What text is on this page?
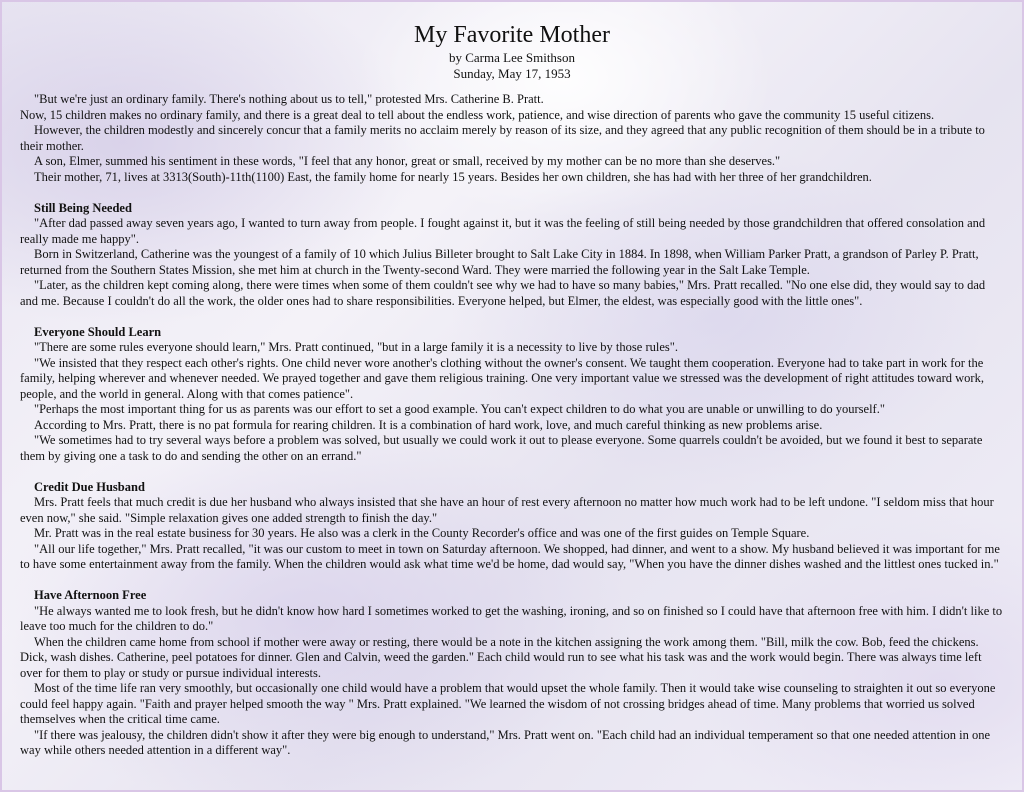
My Favorite Mother

by Carma Lee Smithson

Sunday, May 17, 1953

"But we're just an ordinary family. There's nothing about us to tell," protested Mrs. Catherine B. Pratt.

Now, 15 children makes no ordinary family, and there is a great deal to tell about the endless work, patience, and wise direction of parents who gave the community 15 useful citizens.

However, the children modestly and sincerely concur that a family merits no acclaim merely by reason of its size, and they agreed that any public recognition of them should be in a tribute to their mother.

A son, Elmer, summed his sentiment in these words, "I feel that any honor, great or small, received by my mother can be no more than she deserves."

Their mother, 71, lives at 3313(South)-11th(1100) East, the family home for nearly 15 years. Besides her own children, she has had with her three of her grandchildren.

Still Being Needed

"After dad passed away seven years ago, I wanted to turn away from people. I fought against it, but it was the feeling of still being needed by those grandchildren that offered consolation and really made me happy".

Born in Switzerland, Catherine was the youngest of a family of 10 which Julius Billeter brought to Salt Lake City in 1884. In 1898, when William Parker Pratt, a grandson of Parley P. Pratt, returned from the Southern States Mission, she met him at church in the Twenty-second Ward. They were married the following year in the Salt Lake Temple.

"Later, as the children kept coming along, there were times when some of them couldn't see why we had to have so many babies," Mrs. Pratt recalled. "No one else did, they would say to dad and me. Because I couldn't do all the work, the older ones had to share responsibilities. Everyone helped, but Elmer, the eldest, was especially good with the little ones".

Everyone Should Learn

"There are some rules everyone should learn," Mrs. Pratt continued, "but in a large family it is a necessity to live by those rules".

"We insisted that they respect each other's rights. One child never wore another's clothing without the owner's consent. We taught them cooperation. Everyone had to take part in work for the family, helping wherever and whenever needed. We prayed together and gave them religious training. One very important value we stressed was the development of right attitudes toward work, people, and the world in general. Along with that comes patience".

"Perhaps the most important thing for us as parents was our effort to set a good example. You can't expect children to do what you are unable or unwilling to do yourself."

According to Mrs. Pratt, there is no pat formula for rearing children. It is a combination of hard work, love, and much careful thinking as new problems arise.

"We sometimes had to try several ways before a problem was solved, but usually we could work it out to please everyone. Some quarrels couldn't be avoided, but we found it best to separate them by giving one a task to do and sending the other on an errand."

Credit Due Husband

Mrs. Pratt feels that much credit is due her husband who always insisted that she have an hour of rest every afternoon no matter how much work had to be left undone. "I seldom miss that hour even now," she said. "Simple relaxation gives one added strength to finish the day."

Mr. Pratt was in the real estate business for 30 years. He also was a clerk in the County Recorder's office and was one of the first guides on Temple Square.

"All our life together," Mrs. Pratt recalled, "it was our custom to meet in town on Saturday afternoon. We shopped, had dinner, and went to a show. My husband believed it was important for me to have some entertainment away from the family. When the children would ask what time we'd be home, dad would say, "When you have the dinner dishes washed and the littlest ones tucked in."

Have Afternoon Free

"He always wanted me to look fresh, but he didn't know how hard I sometimes worked to get the washing, ironing, and so on finished so I could have that afternoon free with him. I didn't like to leave too much for the children to do."

When the children came home from school if mother were away or resting, there would be a note in the kitchen assigning the work among them. "Bill, milk the cow. Bob, feed the chickens. Dick, wash dishes. Catherine, peel potatoes for dinner. Glen and Calvin, weed the garden." Each child would run to see what his task was and the work would begin. There was always time left over for them to play or study or pursue individual interests.

Most of the time life ran very smoothly, but occasionally one child would have a problem that would upset the whole family. Then it would take wise counseling to straighten it out so everyone could feel happy again. "Faith and prayer helped smooth the way " Mrs. Pratt explained. "We learned the wisdom of not crossing bridges ahead of time. Many problems that worried us solved themselves when the critical time came.

"If there was jealousy, the children didn't show it after they were big enough to understand," Mrs. Pratt went on. "Each child had an individual temperament so that one needed attention in one way while others needed attention in a different way".
